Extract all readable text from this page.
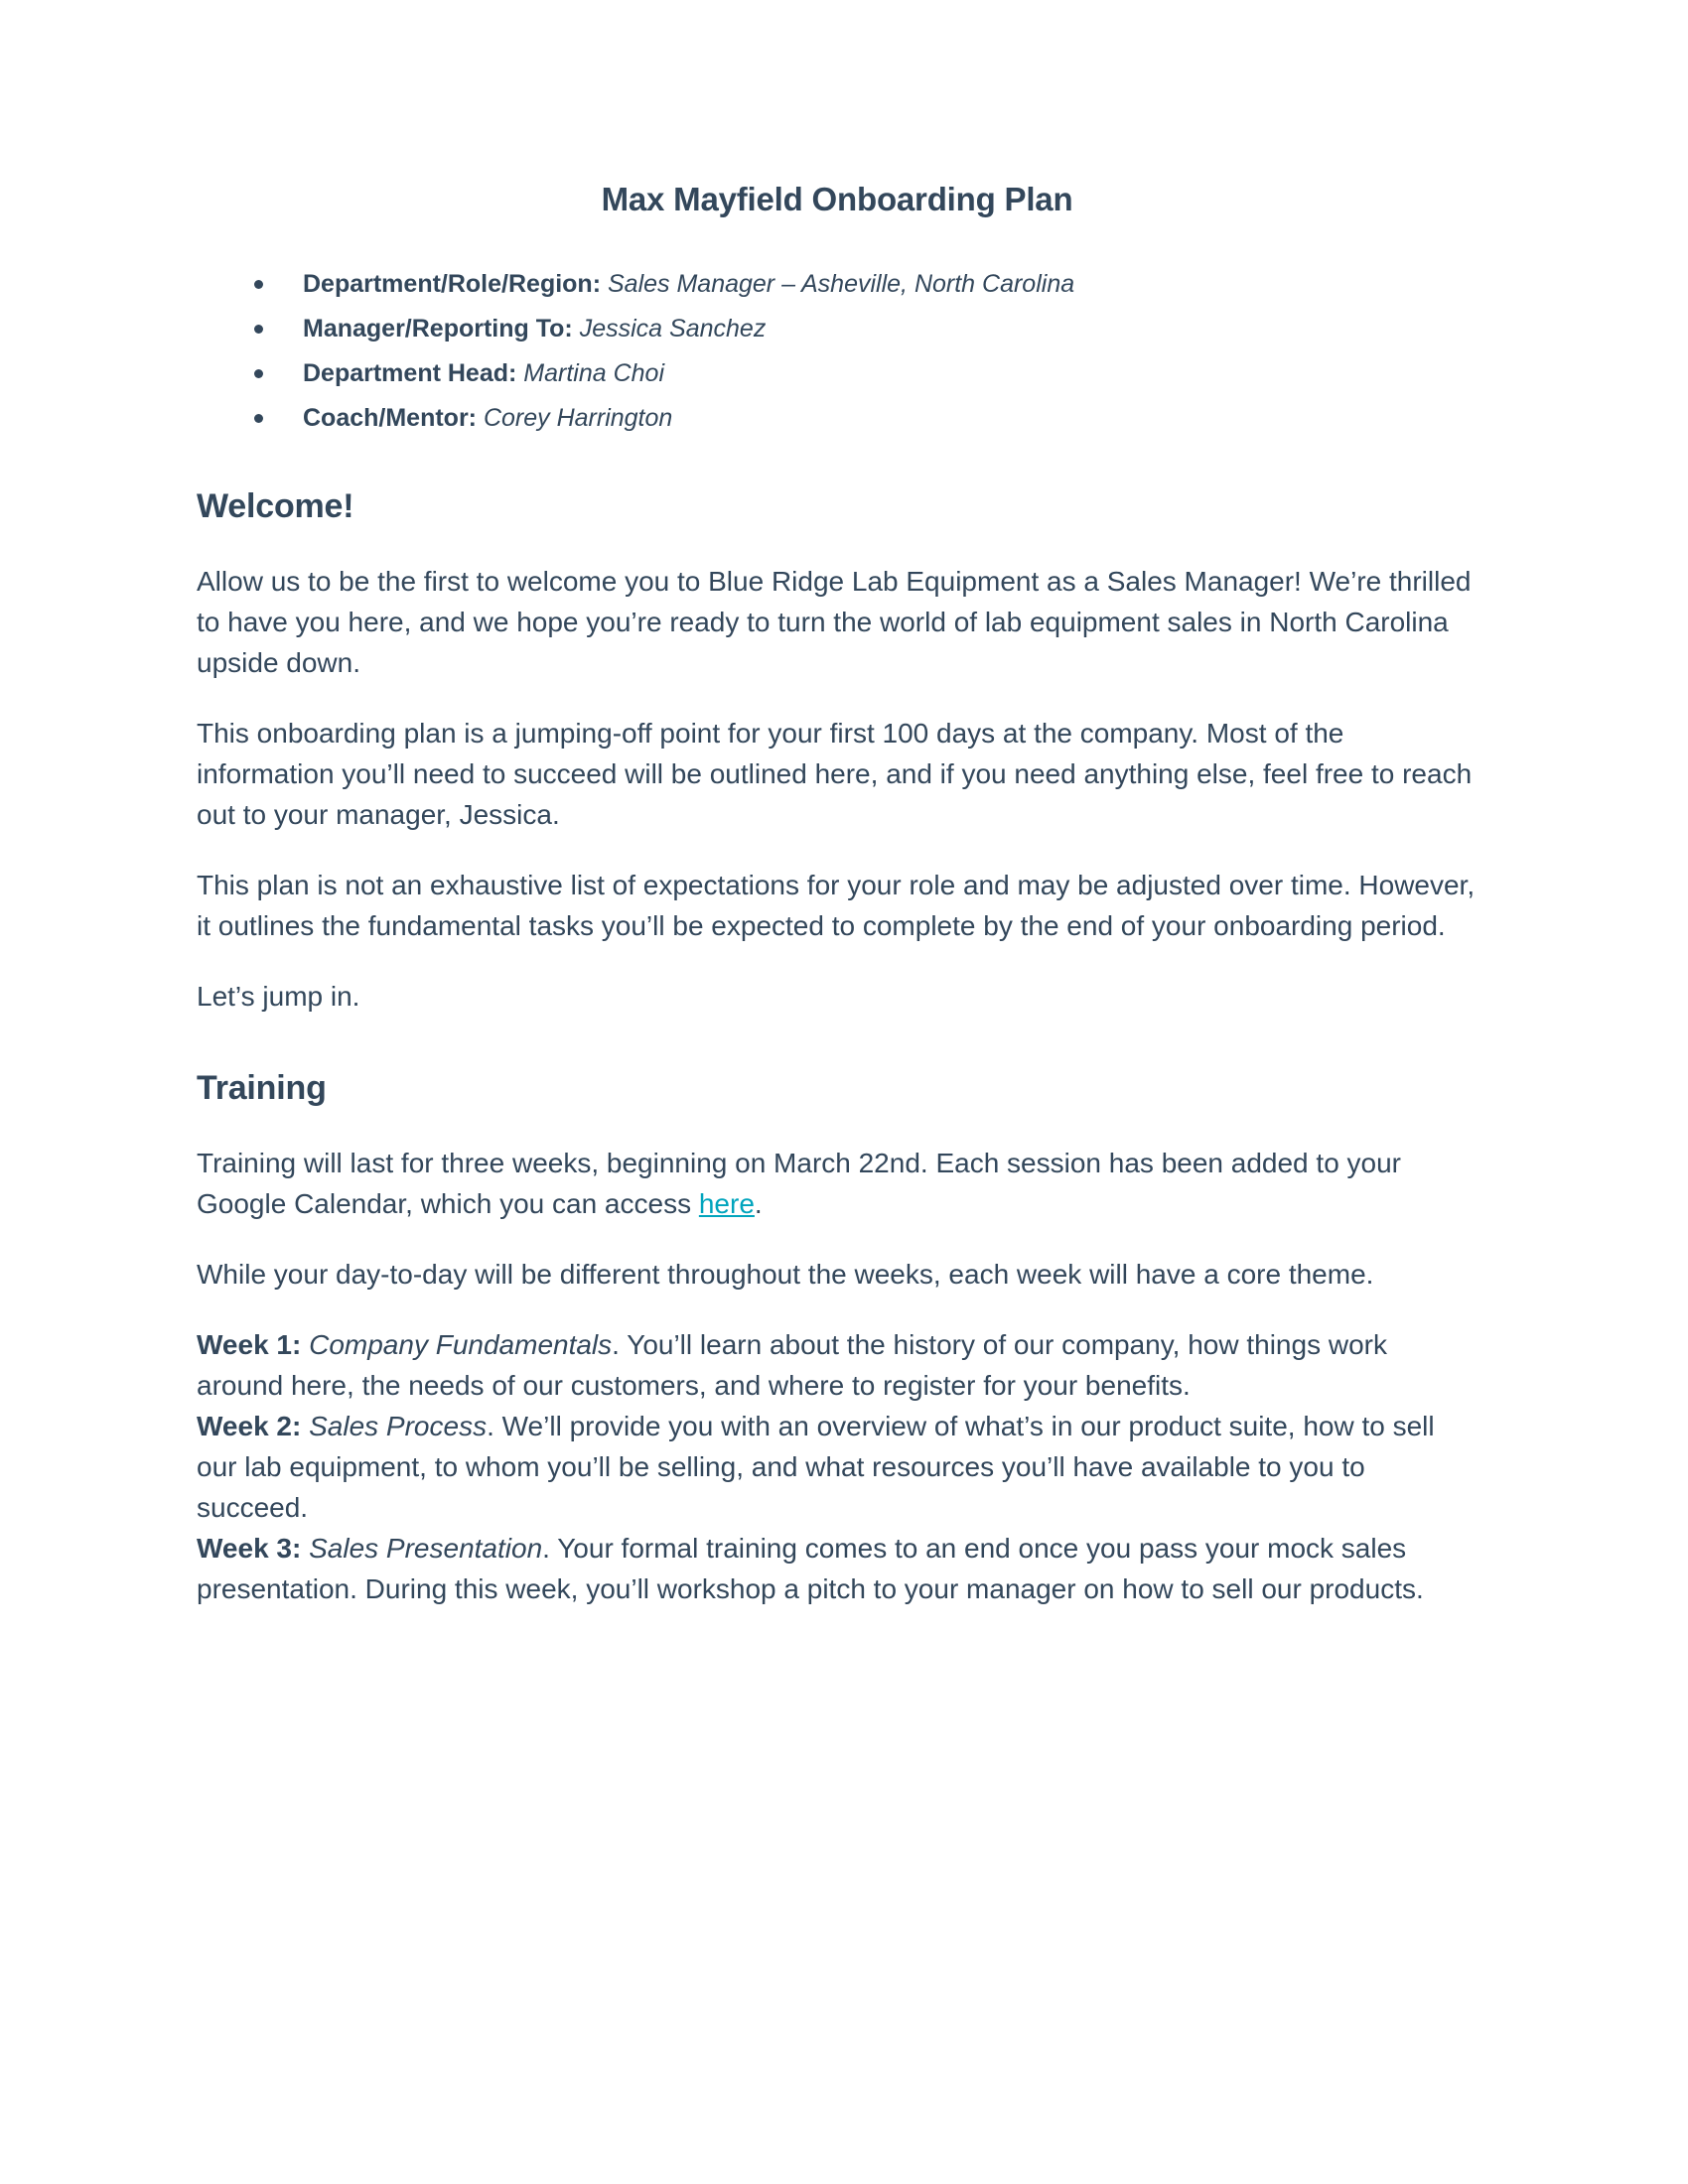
Max Mayfield Onboarding Plan
Department/Role/Region: Sales Manager – Asheville, North Carolina
Manager/Reporting To: Jessica Sanchez
Department Head: Martina Choi
Coach/Mentor: Corey Harrington
Welcome!

Allow us to be the first to welcome you to Blue Ridge Lab Equipment as a Sales Manager! We’re thrilled to have you here, and we hope you’re ready to turn the world of lab equipment sales in North Carolina upside down.

This onboarding plan is a jumping-off point for your first 100 days at the company. Most of the information you’ll need to succeed will be outlined here, and if you need anything else, feel free to reach out to your manager, Jessica.

This plan is not an exhaustive list of expectations for your role and may be adjusted over time. However, it outlines the fundamental tasks you’ll be expected to complete by the end of your onboarding period.

Let’s jump in.

Training

Training will last for three weeks, beginning on March 22nd. Each session has been added to your Google Calendar, which you can access here.

While your day-to-day will be different throughout the weeks, each week will have a core theme.

Week 1: Company Fundamentals. You’ll learn about the history of our company, how things work around here, the needs of our customers, and where to register for your benefits.

Week 2: Sales Process. We’ll provide you with an overview of what’s in our product suite, how to sell our lab equipment, to whom you’ll be selling, and what resources you’ll have available to you to succeed.

Week 3: Sales Presentation. Your formal training comes to an end once you pass your mock sales presentation. During this week, you’ll workshop a pitch to your manager on how to sell our products.
